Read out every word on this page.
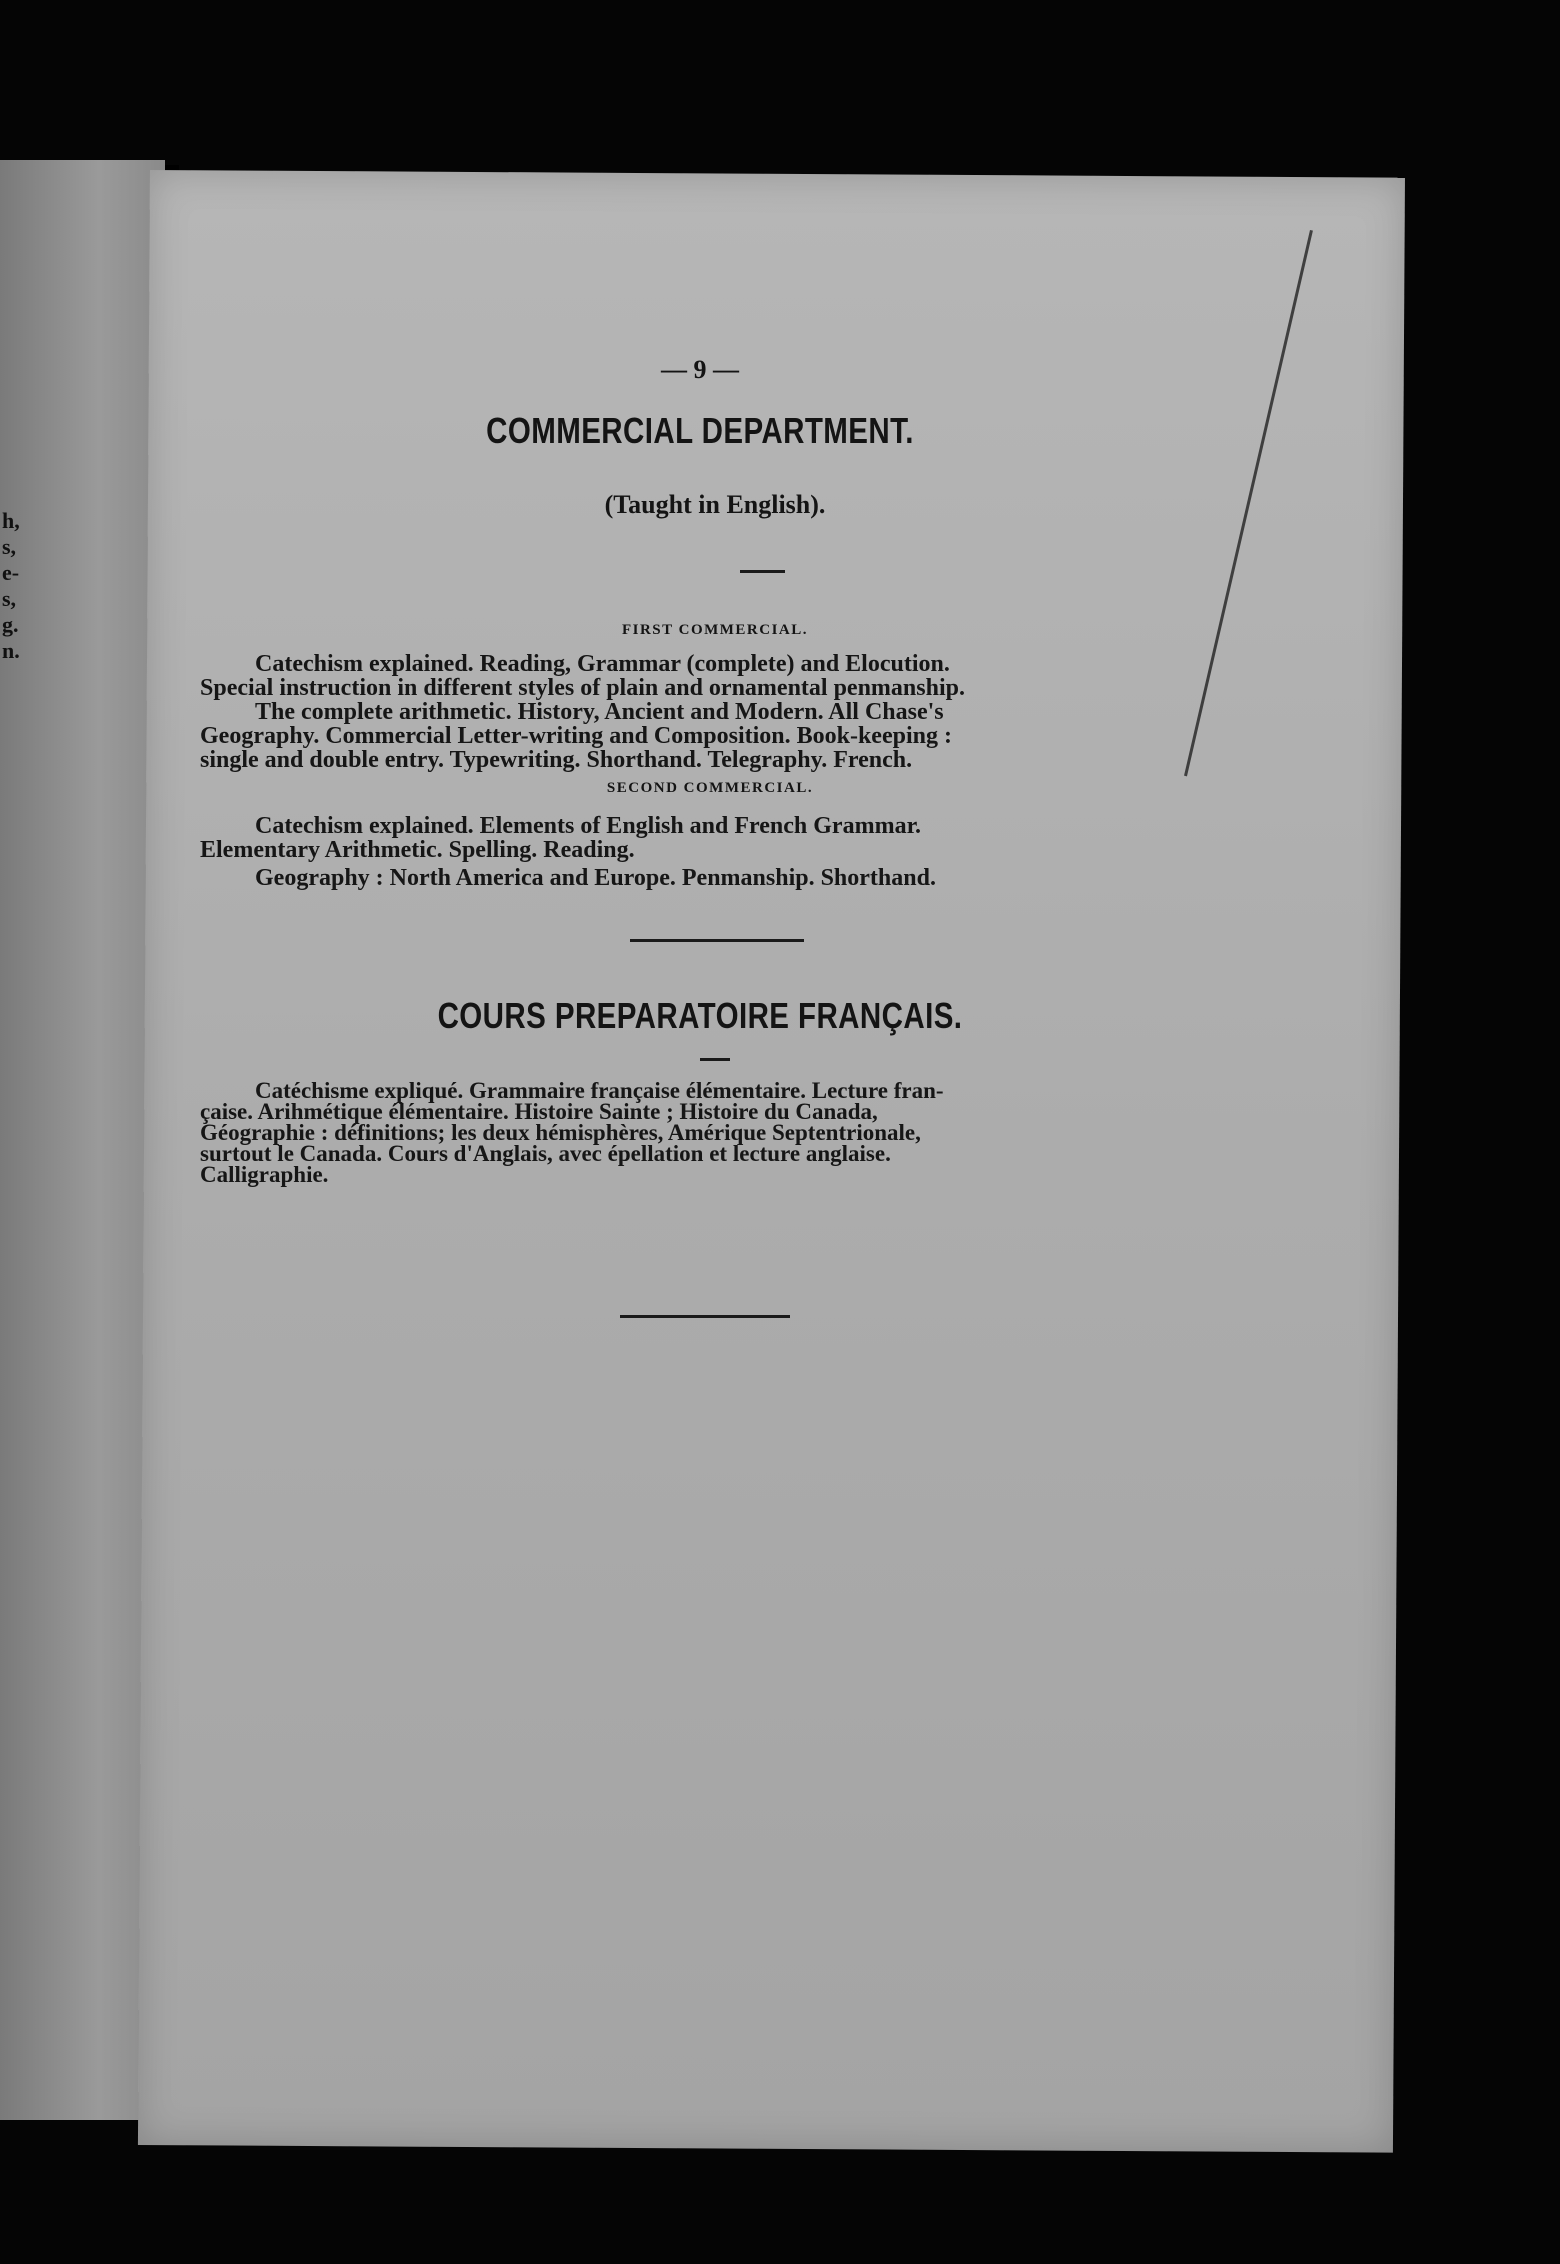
h,
s,
e-
s,
g.
n.
— 9 —
COMMERCIAL DEPARTMENT.
(Taught in English).
FIRST COMMERCIAL.
Catechism explained. Reading, Grammar (complete) and Elocution.
Special instruction in different styles of plain and ornamental penmanship.
The complete arithmetic. History, Ancient and Modern. All Chase's
Geography. Commercial Letter-writing and Composition. Book-keeping :
single and double entry. Typewriting. Shorthand. Telegraphy. French.
SECOND COMMERCIAL.
Catechism explained. Elements of English and French Grammar.
Elementary Arithmetic. Spelling. Reading.
Geography : North America and Europe. Penmanship. Shorthand.
COURS PREPARATOIRE FRANÇAIS.
Catéchisme expliqué. Grammaire française élémentaire. Lecture fran-
çaise. Arihmétique élémentaire. Histoire Sainte ; Histoire du Canada,
Géographie : définitions; les deux hémisphères, Amérique Septentrionale,
surtout le Canada. Cours d'Anglais, avec épellation et lecture anglaise.
Calligraphie.
